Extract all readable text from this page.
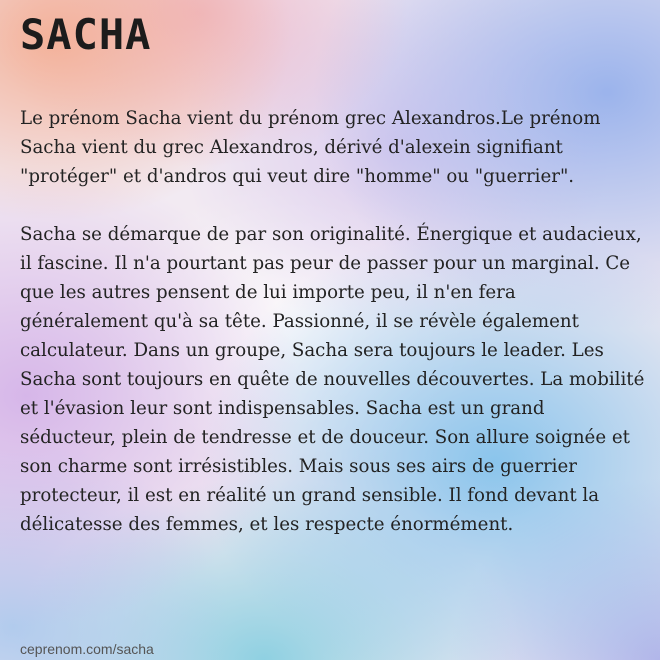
SACHA

Le prénom Sacha vient du prénom grec Alexandros.Le prénom Sacha vient du grec Alexandros, dérivé d'alexein signifiant "protéger" et d'andros qui veut dire "homme" ou "guerrier".

Sacha se démarque de par son originalité. Énergique et audacieux, il fascine. Il n'a pourtant pas peur de passer pour un marginal. Ce que les autres pensent de lui importe peu, il n'en fera généralement qu'à sa tête. Passionné, il se révèle également calculateur. Dans un groupe, Sacha sera toujours le leader. Les Sacha sont toujours en quête de nouvelles découvertes. La mobilité et l'évasion leur sont indispensables. Sacha est un grand séducteur, plein de tendresse et de douceur. Son allure soignée et son charme sont irrésistibles. Mais sous ses airs de guerrier protecteur, il est en réalité un grand sensible. Il fond devant la délicatesse des femmes, et les respecte énormément.

ceprenom.com/sacha
